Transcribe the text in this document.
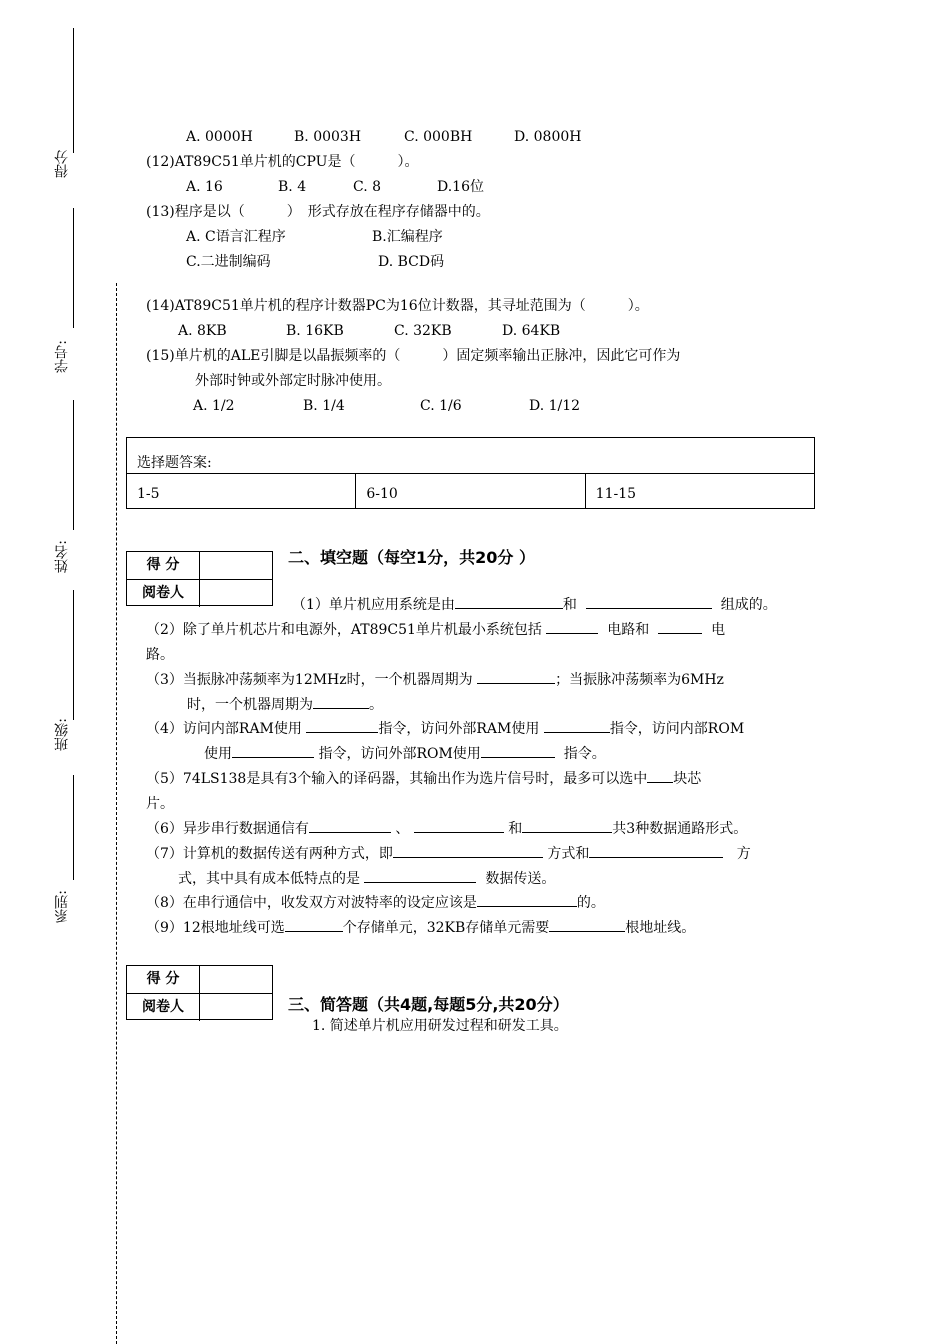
得分
学号:
姓名:
班级:
系别:
A. 0000H	B. 0003H	C. 000BH	D. 0800H
(12)AT89C51单片机的CPU是（　　　）。
A. 16	B. 4	C. 8	D.16位
(13)程序是以（　　　）　形式存放在程序存储器中的。
A. C语言汇程序	B.汇编程序
C.二进制编码	D. BCD码
(14)AT89C51单片机的程序计数器PC为16位计数器，其寻址范围为（　　　）。
A. 8KB	B. 16KB	C. 32KB	D. 64KB
(15)单片机的ALE引脚是以晶振频率的（　　　）固定频率输出正脉冲，因此它可作为
外部时钟或外部定时脉冲使用。
A. 1/2	B. 1/4	C. 1/6	D. 1/12
选择题答案:
1-5	6-10	11-15
得 分
阅卷人
二、填空题（每空1分，共20分 ）
（1）单片机应用系统是由	和	组成的。
（2）除了单片机芯片和电源外，AT89C51单片机最小系统包括	电路和	电
路。
（3）当振脉冲荡频率为12MHz时，一个机器周期为	；当振脉冲荡频率为6MHz
时，一个机器周期为	。
（4）访问内部RAM使用	指令，访问外部RAM使用	指令，访问内部ROM
使用	指令，访问外部ROM使用	指令。
（5）74LS138是具有3个输入的译码器，其输出作为选片信号时，最多可以选中 块芯
片。
（6）异步串行数据通信有	、	和	共3种数据通路形式。
（7）计算机的数据传送有两种方式，即	方式和	方
式，其中具有成本低特点的是	数据传送。
（8）在串行通信中，收发双方对波特率的设定应该是	的。
（9）12根地址线可选	个存储单元，32KB存储单元需要	根地址线。
得 分
阅卷人	三、简答题（共4题,每题5分,共20分）
1. 简述单片机应用研发过程和研发工具。
